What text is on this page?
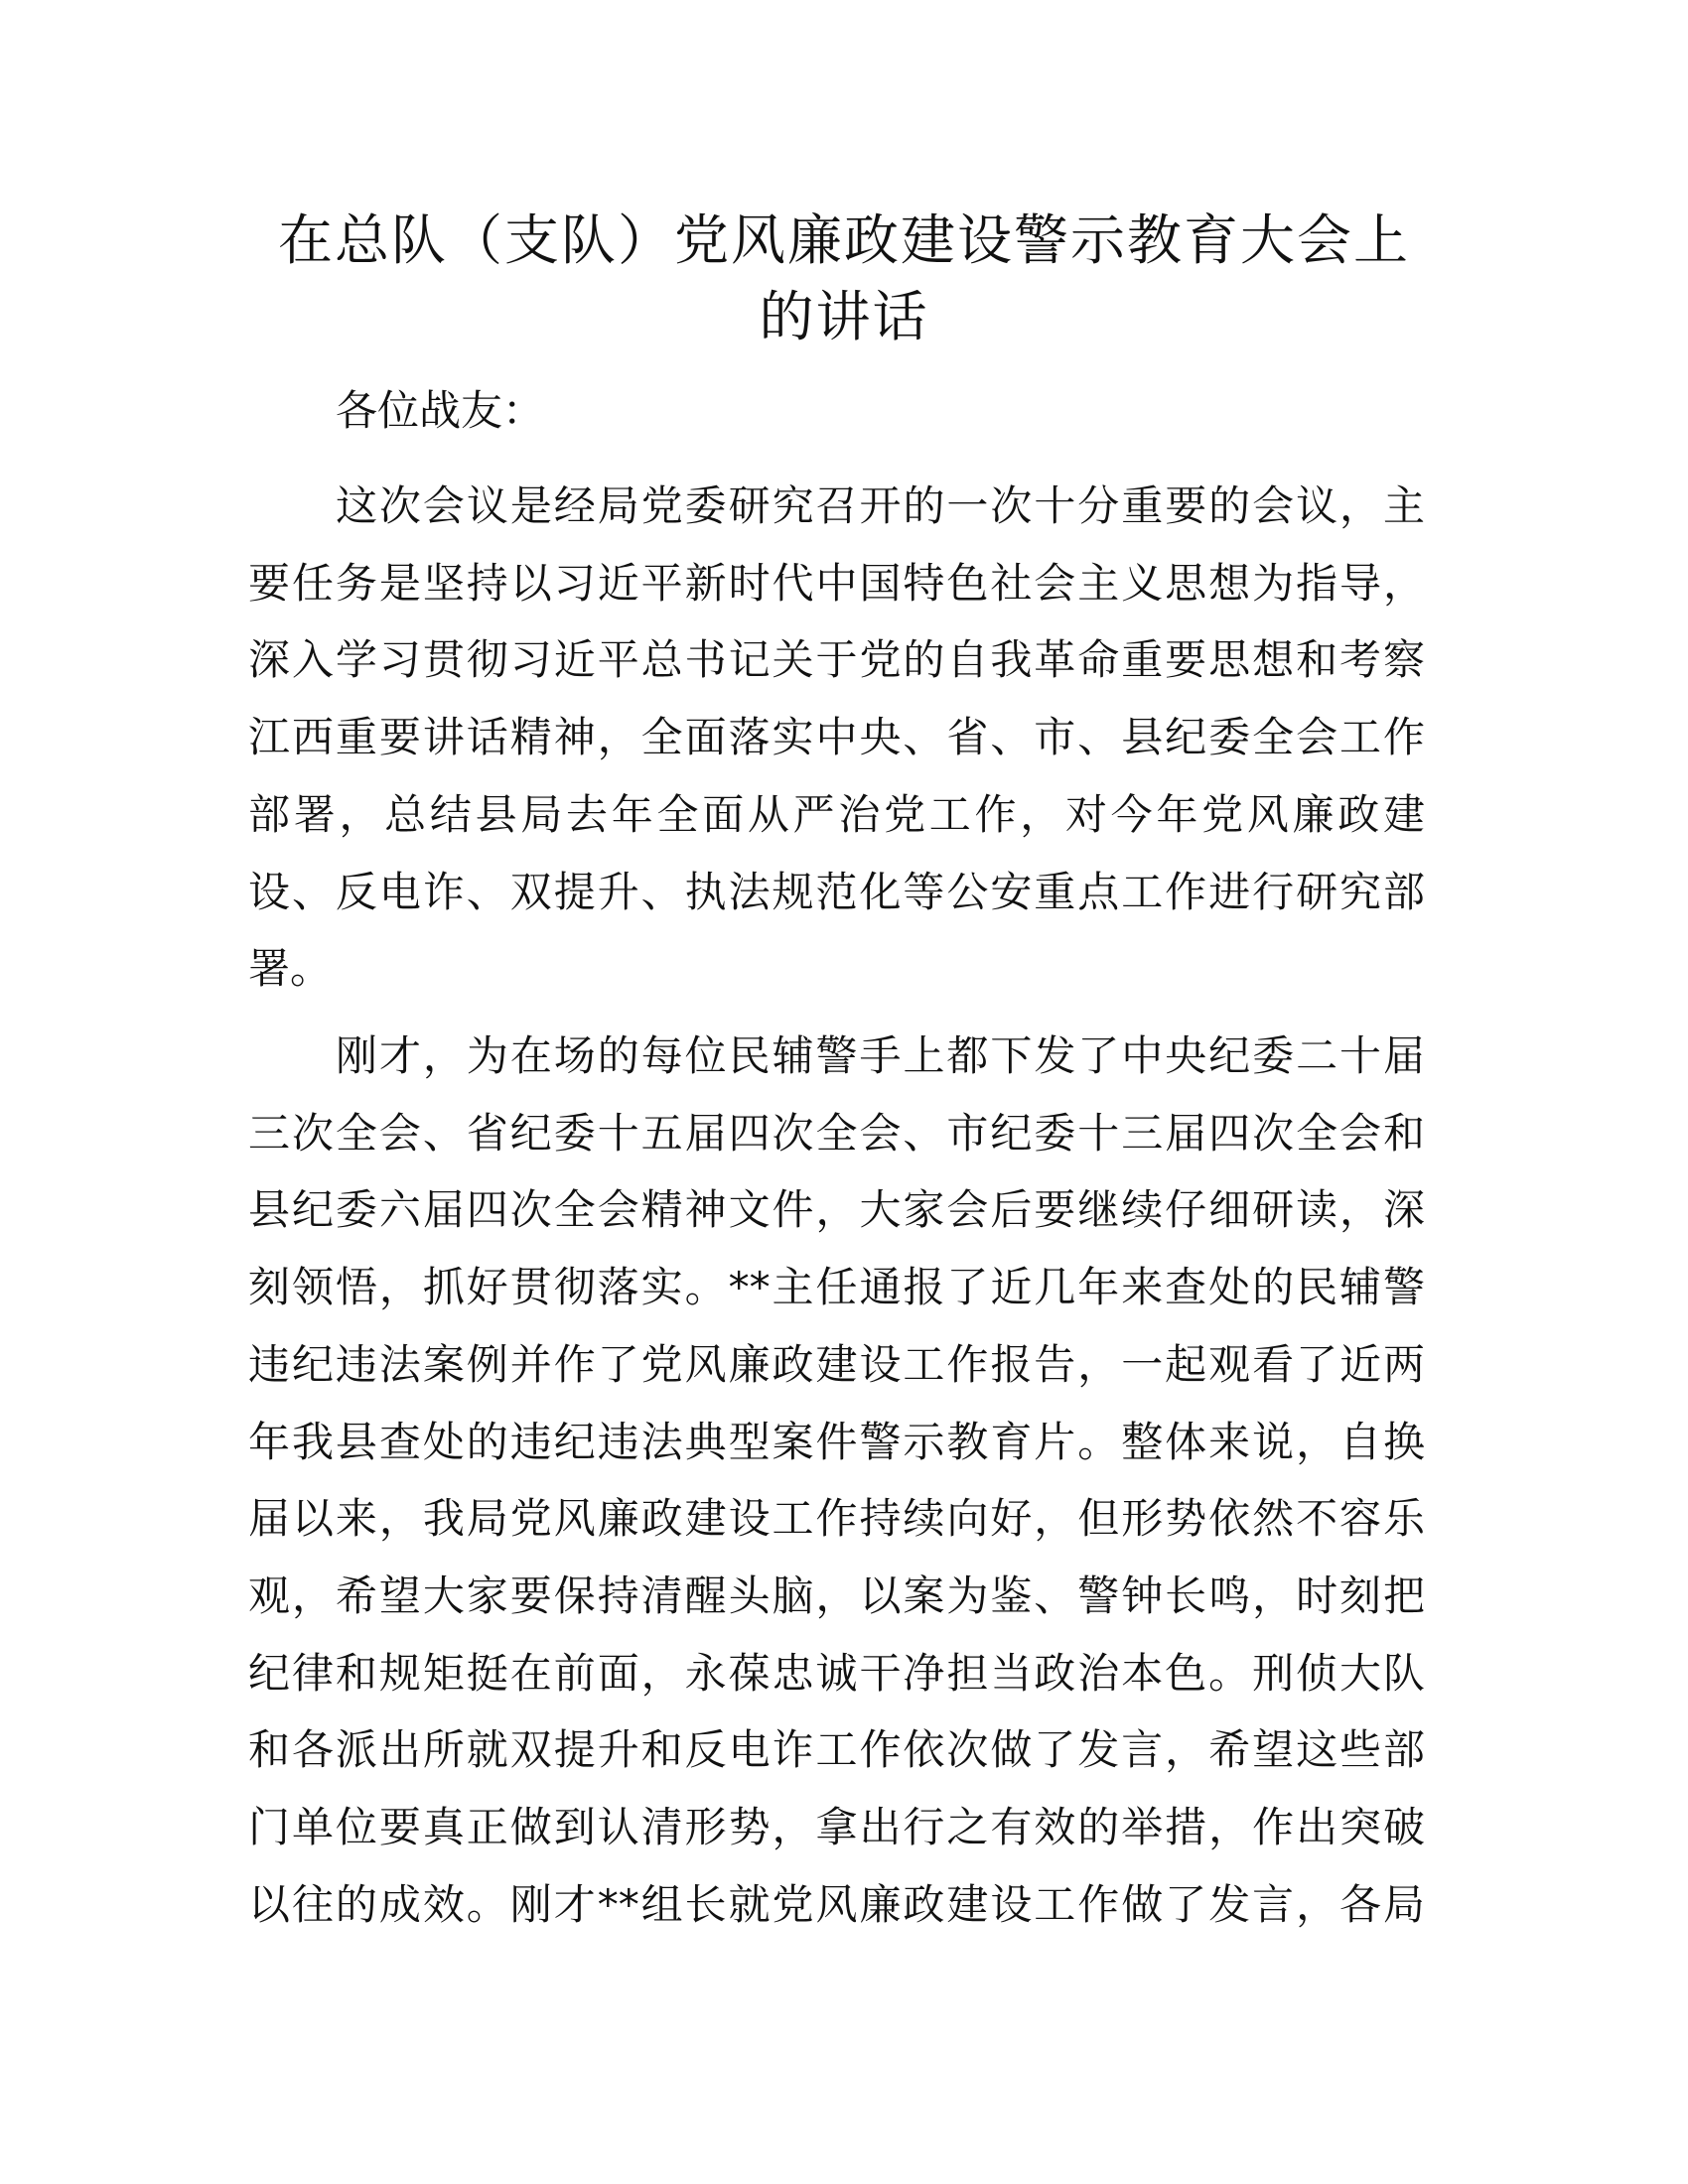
在总队（支队）党风廉政建设警示教育大会上
的讲话
各位战友：
这次会议是经局党委研究召开的一次十分重要的会议，主
要任务是坚持以习近平新时代中国特色社会主义思想为指导，
深入学习贯彻习近平总书记关于党的自我革命重要思想和考察
江西重要讲话精神，全面落实中央、省、市、县纪委全会工作
部署，总结县局去年全面从严治党工作，对今年党风廉政建
设、反电诈、双提升、执法规范化等公安重点工作进行研究部
署。
刚才，为在场的每位民辅警手上都下发了中央纪委二十届
三次全会、省纪委十五届四次全会、市纪委十三届四次全会和
县纪委六届四次全会精神文件，大家会后要继续仔细研读，深
刻领悟，抓好贯彻落实。**主任通报了近几年来查处的民辅警
违纪违法案例并作了党风廉政建设工作报告，一起观看了近两
年我县查处的违纪违法典型案件警示教育片。整体来说，自换
届以来，我局党风廉政建设工作持续向好，但形势依然不容乐
观，希望大家要保持清醒头脑，以案为鉴、警钟长鸣，时刻把
纪律和规矩挺在前面，永葆忠诚干净担当政治本色。刑侦大队
和各派出所就双提升和反电诈工作依次做了发言，希望这些部
门单位要真正做到认清形势，拿出行之有效的举措，作出突破
以往的成效。刚才**组长就党风廉政建设工作做了发言，各局
